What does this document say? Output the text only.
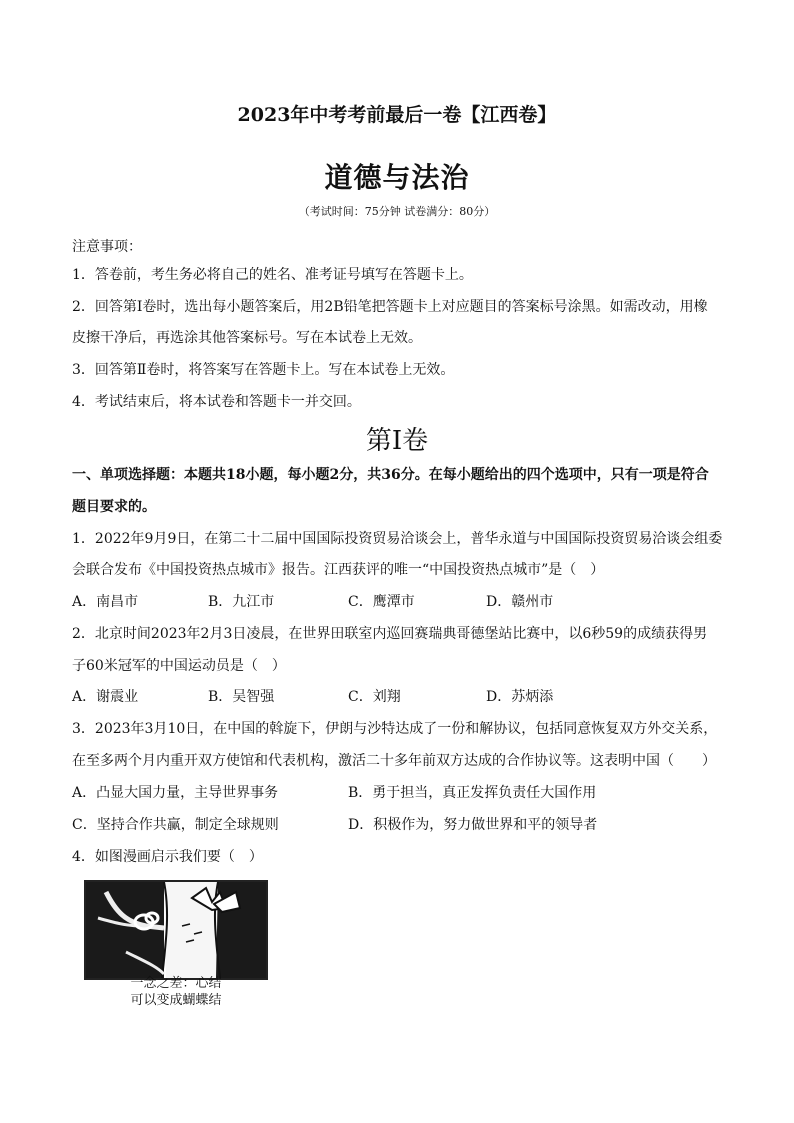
2023年中考考前最后一卷【江西卷】
道德与法治
（考试时间：75分钟 试卷满分：80分）
注意事项：
1．答卷前，考生务必将自己的姓名、准考证号填写在答题卡上。
2．回答第Ⅰ卷时，选出每小题答案后，用2B铅笔把答题卡上对应题目的答案标号涂黑。如需改动，用橡
皮擦干净后，再选涂其他答案标号。写在本试卷上无效。
3．回答第Ⅱ卷时，将答案写在答题卡上。写在本试卷上无效。
4．考试结束后，将本试卷和答题卡一并交回。
第Ⅰ卷
一、单项选择题：本题共18小题，每小题2分，共36分。在每小题给出的四个选项中，只有一项是符合
题目要求的。
1．2022年9月9日，在第二十二届中国国际投资贸易洽谈会上，普华永道与中国国际投资贸易洽谈会组委
会联合发布《中国投资热点城市》报告。江西获评的唯一“中国投资热点城市”是（　）
A．南昌市	B．九江市	C．鹰潭市	D．赣州市
2．北京时间2023年2月3日凌晨，在世界田联室内巡回赛瑞典哥德堡站比赛中，以6秒59的成绩获得男
子60米冠军的中国运动员是（　）
A．谢震业	B．吴智强	C．刘翔	D．苏炳添
3．2023年3月10日，在中国的斡旋下，伊朗与沙特达成了一份和解协议，包括同意恢复双方外交关系，
在至多两个月内重开双方使馆和代表机构，激活二十多年前双方达成的合作协议等。这表明中国（　　）
A．凸显大国力量，主导世界事务	B．勇于担当，真正发挥负责任大国作用
C．坚持合作共赢，制定全球规则	D．积极作为，努力做世界和平的领导者
4．如图漫画启示我们要（　）
一念之差：心结
可以变成蝴蝶结
